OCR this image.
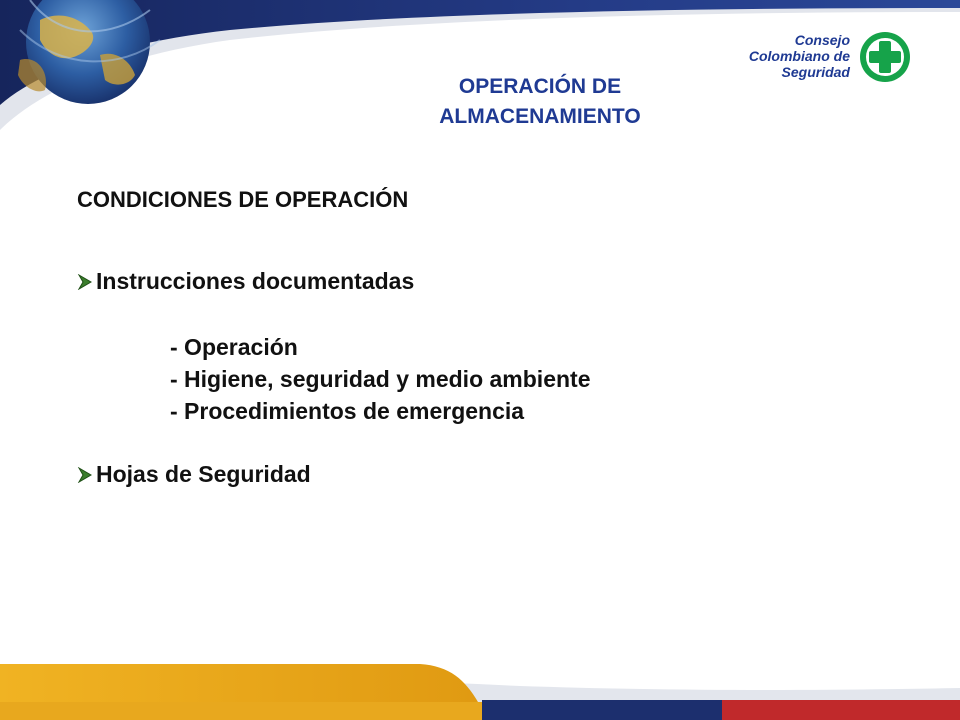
OPERACIÓN DE
ALMACENAMIENTO
Consejo
Colombiano de
Seguridad
CONDICIONES DE OPERACIÓN
Instrucciones documentadas
- Operación
- Higiene, seguridad y medio ambiente
- Procedimientos de emergencia
Hojas de Seguridad
